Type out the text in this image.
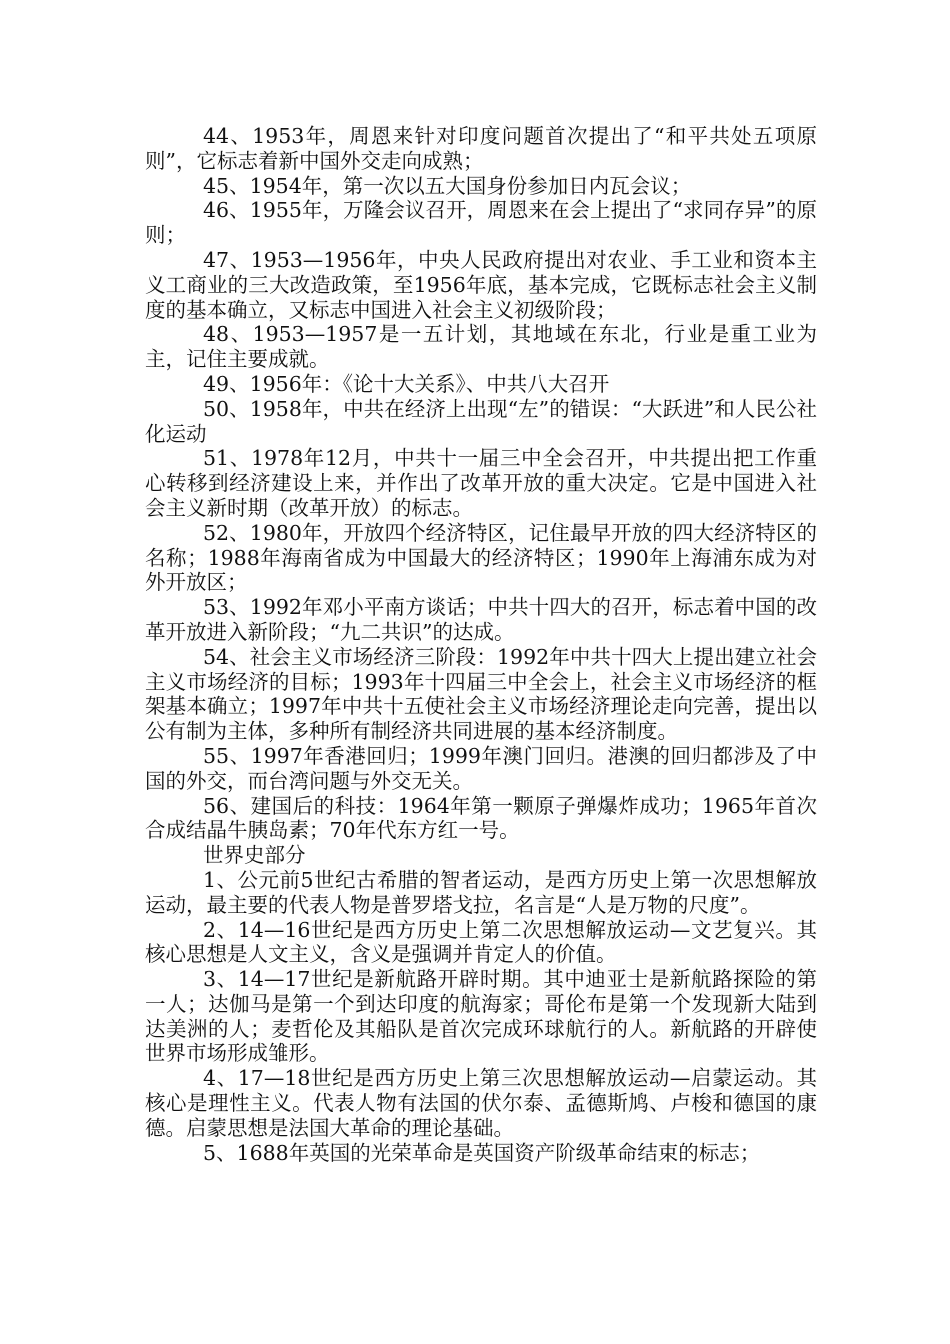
44、1953年，周恩来针对印度问题首次提出了“和平共处五项原则”，它标志着新中国外交走向成熟；

45、1954年，第一次以五大国身份参加日内瓦会议；

46、1955年，万隆会议召开，周恩来在会上提出了“求同存异”的原则；

47、1953—1956年，中央人民政府提出对农业、手工业和资本主义工商业的三大改造政策，至1956年底，基本完成，它既标志社会主义制度的基本确立，又标志中国进入社会主义初级阶段；

48、1953—1957是一五计划，其地域在东北，行业是重工业为主，记住主要成就。

49、1956年：《论十大关系》、中共八大召开

50、1958年，中共在经济上出现“左”的错误：“大跃进”和人民公社化运动

51、1978年12月，中共十一届三中全会召开，中共提出把工作重心转移到经济建设上来，并作出了改革开放的重大决定。它是中国进入社会主义新时期（改革开放）的标志。

52、1980年，开放四个经济特区，记住最早开放的四大经济特区的名称；1988年海南省成为中国最大的经济特区；1990年上海浦东成为对外开放区；

53、1992年邓小平南方谈话；中共十四大的召开，标志着中国的改革开放进入新阶段；“九二共识”的达成。

54、社会主义市场经济三阶段：1992年中共十四大上提出建立社会主义市场经济的目标；1993年十四届三中全会上，社会主义市场经济的框架基本确立；1997年中共十五使社会主义市场经济理论走向完善，提出以公有制为主体，多种所有制经济共同进展的基本经济制度。

55、1997年香港回归；1999年澳门回归。港澳的回归都涉及了中国的外交，而台湾问题与外交无关。

56、建国后的科技：1964年第一颗原子弹爆炸成功；1965年首次合成结晶牛胰岛素；70年代东方红一号。

世界史部分

1、公元前5世纪古希腊的智者运动，是西方历史上第一次思想解放运动，最主要的代表人物是普罗塔戈拉，名言是“人是万物的尺度”。

2、14—16世纪是西方历史上第二次思想解放运动—文艺复兴。其核心思想是人文主义，含义是强调并肯定人的价值。

3、14—17世纪是新航路开辟时期。其中迪亚士是新航路探险的第一人；达伽马是第一个到达印度的航海家；哥伦布是第一个发现新大陆到达美洲的人；麦哲伦及其船队是首次完成环球航行的人。新航路的开辟使世界市场形成雏形。

4、17—18世纪是西方历史上第三次思想解放运动—启蒙运动。其核心是理性主义。代表人物有法国的伏尔泰、孟德斯鸠、卢梭和德国的康德。启蒙思想是法国大革命的理论基础。

5、1688年英国的光荣革命是英国资产阶级革命结束的标志；
